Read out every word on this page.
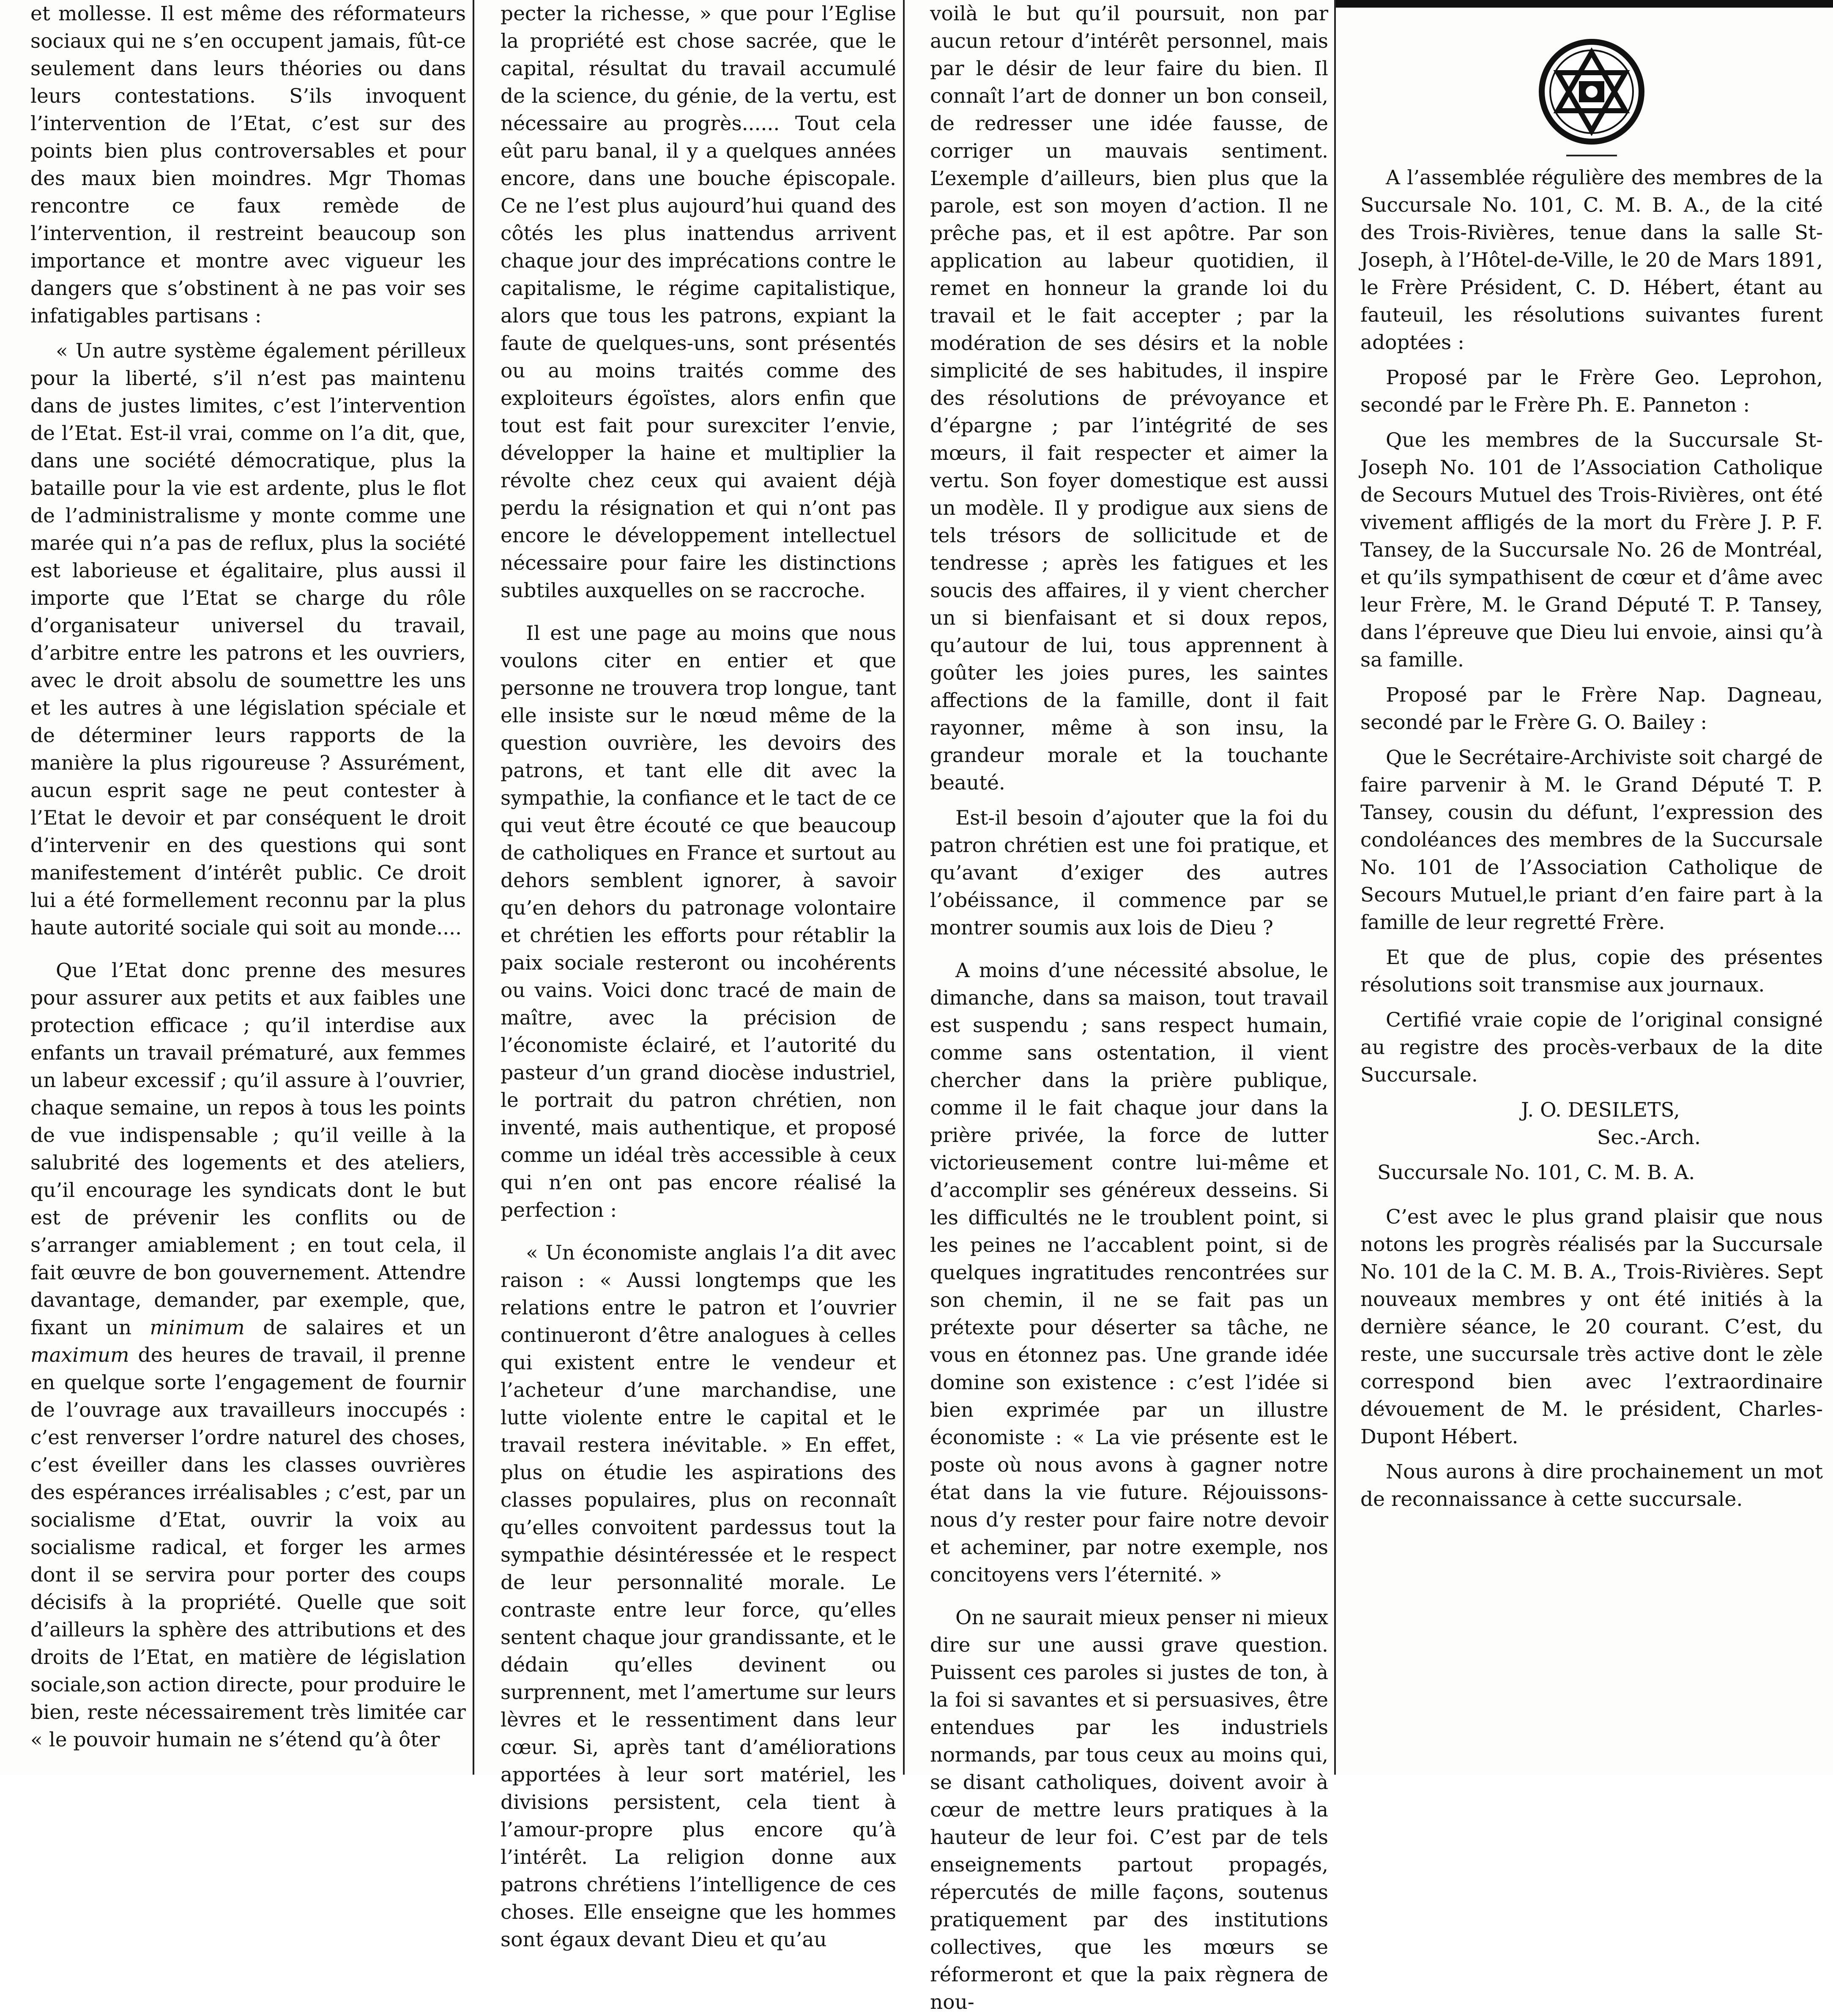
et mollesse. Il est même des réformateurs sociaux qui ne s’en occupent jamais, fût-ce seulement dans leurs théories ou dans leurs contestations. S’ils invoquent l’intervention de l’Etat, c’est sur des points bien plus controversables et pour des maux bien moindres. Mgr Thomas rencontre ce faux remède de l’intervention, il restreint beaucoup son importance et montre avec vigueur les dangers que s’obstinent à ne pas voir ses infatigables partisans :

« Un autre système également périlleux pour la liberté, s’il n’est pas maintenu dans de justes limites, c’est l’intervention de l’Etat. Est-il vrai, comme on l’a dit, que, dans une société démocratique, plus la bataille pour la vie est ardente, plus le flot de l’administralisme y monte comme une marée qui n’a pas de reflux, plus la société est laborieuse et égalitaire, plus aussi il importe que l’Etat se charge du rôle d’organisateur universel du travail, d’arbitre entre les patrons et les ouvriers, avec le droit absolu de soumettre les uns et les autres à une législation spéciale et de déterminer leurs rapports de la manière la plus rigoureuse ? Assurément, aucun esprit sage ne peut contester à l’Etat le devoir et par conséquent le droit d’intervenir en des questions qui sont manifestement d’intérêt public. Ce droit lui a été formellement reconnu par la plus haute autorité sociale qui soit au monde....

Que l’Etat donc prenne des mesures pour assurer aux petits et aux faibles une protection efficace ; qu’il interdise aux enfants un travail prématuré, aux femmes un labeur excessif ; qu’il assure à l’ouvrier, chaque semaine, un repos à tous les points de vue indispensable ; qu’il veille à la salubrité des logements et des ateliers, qu’il encourage les syndicats dont le but est de prévenir les conflits ou de s’arranger amiablement ; en tout cela, il fait œuvre de bon gouvernement. Attendre davantage, demander, par exemple, que, fixant un minimum de salaires et un maximum des heures de travail, il prenne en quelque sorte l’engagement de fournir de l’ouvrage aux travailleurs inoccupés : c’est renverser l’ordre naturel des choses, c’est éveiller dans les classes ouvrières des espérances irréalisables ; c’est, par un socialisme d’Etat, ouvrir la voix au socialisme radical, et forger les armes dont il se servira pour porter des coups décisifs à la propriété. Quelle que soit d’ailleurs la sphère des attributions et des droits de l’Etat, en matière de législation sociale,son action directe, pour produire le bien, reste nécessairement très limitée car « le pouvoir humain ne s’étend qu’à ôter

pecter la richesse, » que pour l’Eglise la propriété est chose sacrée, que le capital, résultat du travail accumulé de la science, du génie, de la vertu, est nécessaire au progrès...... Tout cela eût paru banal, il y a quelques années encore, dans une bouche épiscopale. Ce ne l’est plus aujourd’hui quand des côtés les plus inattendus arrivent chaque jour des imprécations contre le capitalisme, le régime capitalistique, alors que tous les patrons, expiant la faute de quelques-uns, sont présentés ou au moins traités comme des exploiteurs égoïstes, alors enfin que tout est fait pour surexciter l’envie, développer la haine et multiplier la révolte chez ceux qui avaient déjà perdu la résignation et qui n’ont pas encore le développement intellectuel nécessaire pour faire les distinctions subtiles auxquelles on se raccroche.

Il est une page au moins que nous voulons citer en entier et que personne ne trouvera trop longue, tant elle insiste sur le nœud même de la question ouvrière, les devoirs des patrons, et tant elle dit avec la sympathie, la confiance et le tact de ce qui veut être écouté ce que beaucoup de catholiques en France et surtout au dehors semblent ignorer, à savoir qu’en dehors du patronage volontaire et chrétien les efforts pour rétablir la paix sociale resteront ou incohérents ou vains. Voici donc tracé de main de maître, avec la précision de l’économiste éclairé, et l’autorité du pasteur d’un grand diocèse industriel, le portrait du patron chrétien, non inventé, mais authentique, et proposé comme un idéal très accessible à ceux qui n’en ont pas encore réalisé la perfection :

« Un économiste anglais l’a dit avec raison : « Aussi longtemps que les relations entre le patron et l’ouvrier continueront d’être analogues à celles qui existent entre le vendeur et l’acheteur d’une marchandise, une lutte violente entre le capital et le travail restera inévitable. » En effet, plus on étudie les aspirations des classes populaires, plus on reconnaît qu’elles convoitent pardessus tout la sympathie désintéressée et le respect de leur personnalité morale. Le contraste entre leur force, qu’elles sentent chaque jour grandissante, et le dédain qu’elles devinent ou surprennent, met l’amertume sur leurs lèvres et le ressentiment dans leur cœur. Si, après tant d’améliorations apportées à leur sort matériel, les divisions persistent, cela tient à l’amour-propre plus encore qu’à l’intérêt. La religion donne aux patrons chrétiens l’intelligence de ces choses. Elle enseigne que les hommes sont égaux devant Dieu et qu’au

voilà le but qu’il poursuit, non par aucun retour d’intérêt personnel, mais par le désir de leur faire du bien. Il connaît l’art de donner un bon conseil, de redresser une idée fausse, de corriger un mauvais sentiment. L’exemple d’ailleurs, bien plus que la parole, est son moyen d’action. Il ne prêche pas, et il est apôtre. Par son application au labeur quotidien, il remet en honneur la grande loi du travail et le fait accepter ; par la modération de ses désirs et la noble simplicité de ses habitudes, il inspire des résolutions de prévoyance et d’épargne ; par l’intégrité de ses mœurs, il fait respecter et aimer la vertu. Son foyer domestique est aussi un modèle. Il y prodigue aux siens de tels trésors de sollicitude et de tendresse ; après les fatigues et les soucis des affaires, il y vient chercher un si bienfaisant et si doux repos, qu’autour de lui, tous apprennent à goûter les joies pures, les saintes affections de la famille, dont il fait rayonner, même à son insu, la grandeur morale et la touchante beauté.

Est-il besoin d’ajouter que la foi du patron chrétien est une foi pratique, et qu’avant d’exiger des autres l’obéissance, il commence par se montrer soumis aux lois de Dieu ?

A moins d’une nécessité absolue, le dimanche, dans sa maison, tout travail est suspendu ; sans respect humain, comme sans ostentation, il vient chercher dans la prière publique, comme il le fait chaque jour dans la prière privée, la force de lutter victorieusement contre lui-même et d’accomplir ses généreux desseins. Si les difficultés ne le troublent point, si les peines ne l’accablent point, si de quelques ingratitudes rencontrées sur son chemin, il ne se fait pas un prétexte pour déserter sa tâche, ne vous en étonnez pas. Une grande idée domine son existence : c’est l’idée si bien exprimée par un illustre économiste : « La vie présente est le poste où nous avons à gagner notre état dans la vie future. Réjouissons-nous d’y rester pour faire notre devoir et acheminer, par notre exemple, nos concitoyens vers l’éternité. »

On ne saurait mieux penser ni mieux dire sur une aussi grave question. Puissent ces paroles si justes de ton, à la foi si savantes et si persuasives, être entendues par les industriels normands, par tous ceux au moins qui, se disant catholiques, doivent avoir à cœur de mettre leurs pratiques à la hauteur de leur foi. C’est par de tels enseignements partout propagés, répercutés de mille façons, soutenus pratiquement par des institutions collectives, que les mœurs se réformeront et que la paix règnera de nou-

A l’assemblée régulière des membres de la Succursale No. 101, C. M. B. A., de la cité des Trois-Rivières, tenue dans la salle St-Joseph, à l’Hôtel-de-Ville, le 20 de Mars 1891, le Frère Président, C. D. Hébert, étant au fauteuil, les résolutions suivantes furent adoptées :

Proposé par le Frère Geo. Leprohon, secondé par le Frère Ph. E. Panneton :

Que les membres de la Succursale St-Joseph No. 101 de l’Association Catholique de Secours Mutuel des Trois-Rivières, ont été vivement affligés de la mort du Frère J. P. F. Tansey, de la Succursale No. 26 de Montréal, et qu’ils sympathisent de cœur et d’âme avec leur Frère, M. le Grand Député T. P. Tansey, dans l’épreuve que Dieu lui envoie, ainsi qu’à sa famille.

Proposé par le Frère Nap. Dagneau, secondé par le Frère G. O. Bailey :

Que le Secrétaire-Archiviste soit chargé de faire parvenir à M. le Grand Député T. P. Tansey, cousin du défunt, l’expression des condoléances des membres de la Succursale No. 101 de l’Association Catholique de Secours Mutuel,le priant d’en faire part à la famille de leur regretté Frère.

Et que de plus, copie des présentes résolutions soit transmise aux journaux.

Certifié vraie copie de l’original consigné au registre des procès-verbaux de la dite Succursale.

J. O. DESILETS,

Sec.-Arch.

Succursale No. 101, C. M. B. A.

C’est avec le plus grand plaisir que nous notons les progrès réalisés par la Succursale No. 101 de la C. M. B. A., Trois-Rivières. Sept nouveaux membres y ont été initiés à la dernière séance, le 20 courant. C’est, du reste, une succursale très active dont le zèle correspond bien avec l’extraordinaire dévouement de M. le président, Charles-Dupont Hébert.

Nous aurons à dire prochainement un mot de reconnaissance à cette succursale.
